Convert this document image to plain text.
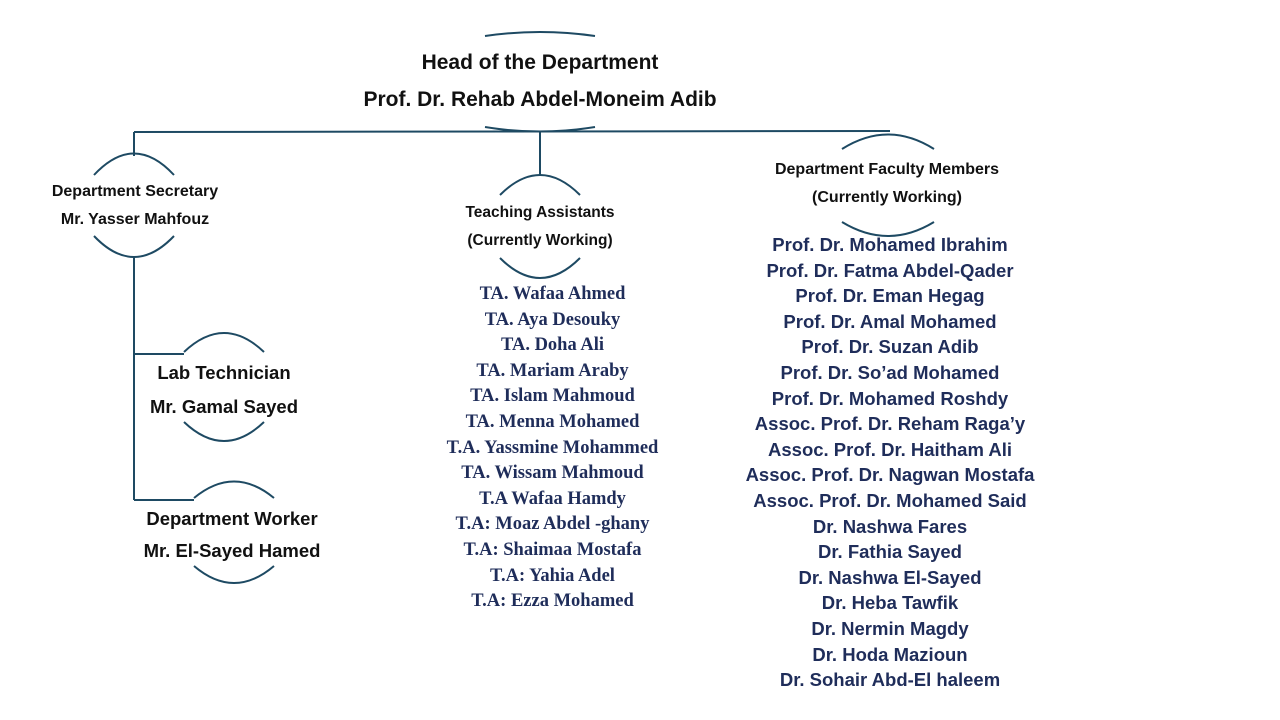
Head of the Department
Prof. Dr. Rehab Abdel-Moneim Adib
Department Secretary
Mr. Yasser Mahfouz
Lab Technician
Mr. Gamal Sayed
Department Worker
Mr. El-Sayed Hamed
Teaching Assistants
(Currently Working)
TA. Wafaa Ahmed
TA. Aya Desouky
TA. Doha Ali
TA. Mariam Araby
TA. Islam Mahmoud
TA. Menna Mohamed
T.A. Yassmine Mohammed
TA. Wissam Mahmoud
T.A Wafaa Hamdy
T.A: Moaz Abdel -ghany
T.A: Shaimaa Mostafa
T.A: Yahia Adel
T.A: Ezza Mohamed
Department Faculty Members
(Currently Working)
Prof. Dr. Mohamed Ibrahim
Prof. Dr. Fatma Abdel-Qader
Prof. Dr. Eman Hegag
Prof. Dr. Amal Mohamed
Prof. Dr. Suzan Adib
Prof. Dr. So’ad Mohamed
Prof. Dr. Mohamed Roshdy
Assoc. Prof. Dr. Reham Raga’y
Assoc. Prof. Dr. Haitham Ali
Assoc. Prof. Dr. Nagwan Mostafa
Assoc. Prof. Dr. Mohamed Said
Dr. Nashwa Fares
Dr. Fathia Sayed
Dr. Nashwa El-Sayed
Dr. Heba Tawfik
Dr. Nermin Magdy
Dr. Hoda Mazioun
Dr. Sohair Abd-El haleem
